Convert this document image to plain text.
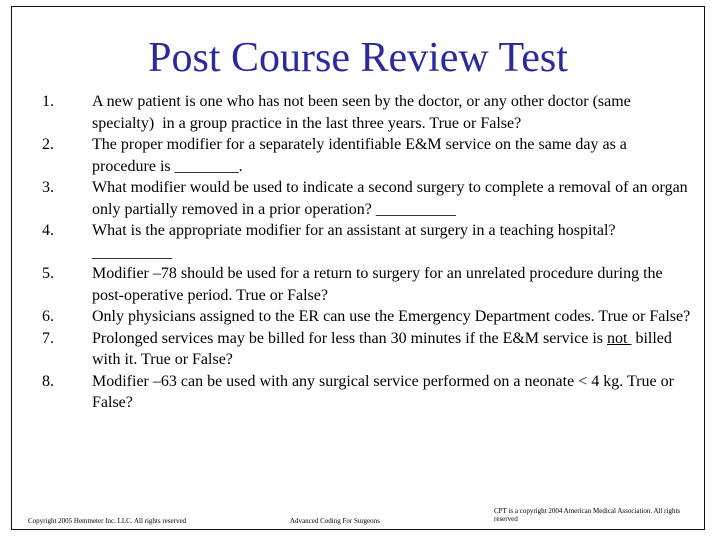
Post Course Review Test
1.	A new patient is one who has not been seen by the doctor, or any other doctor (same specialty)  in a group practice in the last three years. True or False?
2.	The proper modifier for a separately identifiable E&M service on the same day as a procedure is ________.
3.	What modifier would be used to indicate a second surgery to complete a removal of an organ only partially removed in a prior operation? __________
4.	What is the appropriate modifier for an assistant at surgery in a teaching hospital? __________
5.	Modifier –78 should be used for a return to surgery for an unrelated procedure during the post-operative period. True or False?
6.	Only physicians assigned to the ER can use the Emergency Department codes. True or False?
7.	Prolonged services may be billed for less than 30 minutes if the E&M service is not  billed with it. True or False?
8.	Modifier –63 can be used with any surgical service performed on a neonate < 4 kg. True or False?
Copyright 2005 Hemmeter Inc. LLC. All rights reserved	Advanced Coding For Surgeons
CPT is a copyright 2004 American Medical Association. All rights reserved
